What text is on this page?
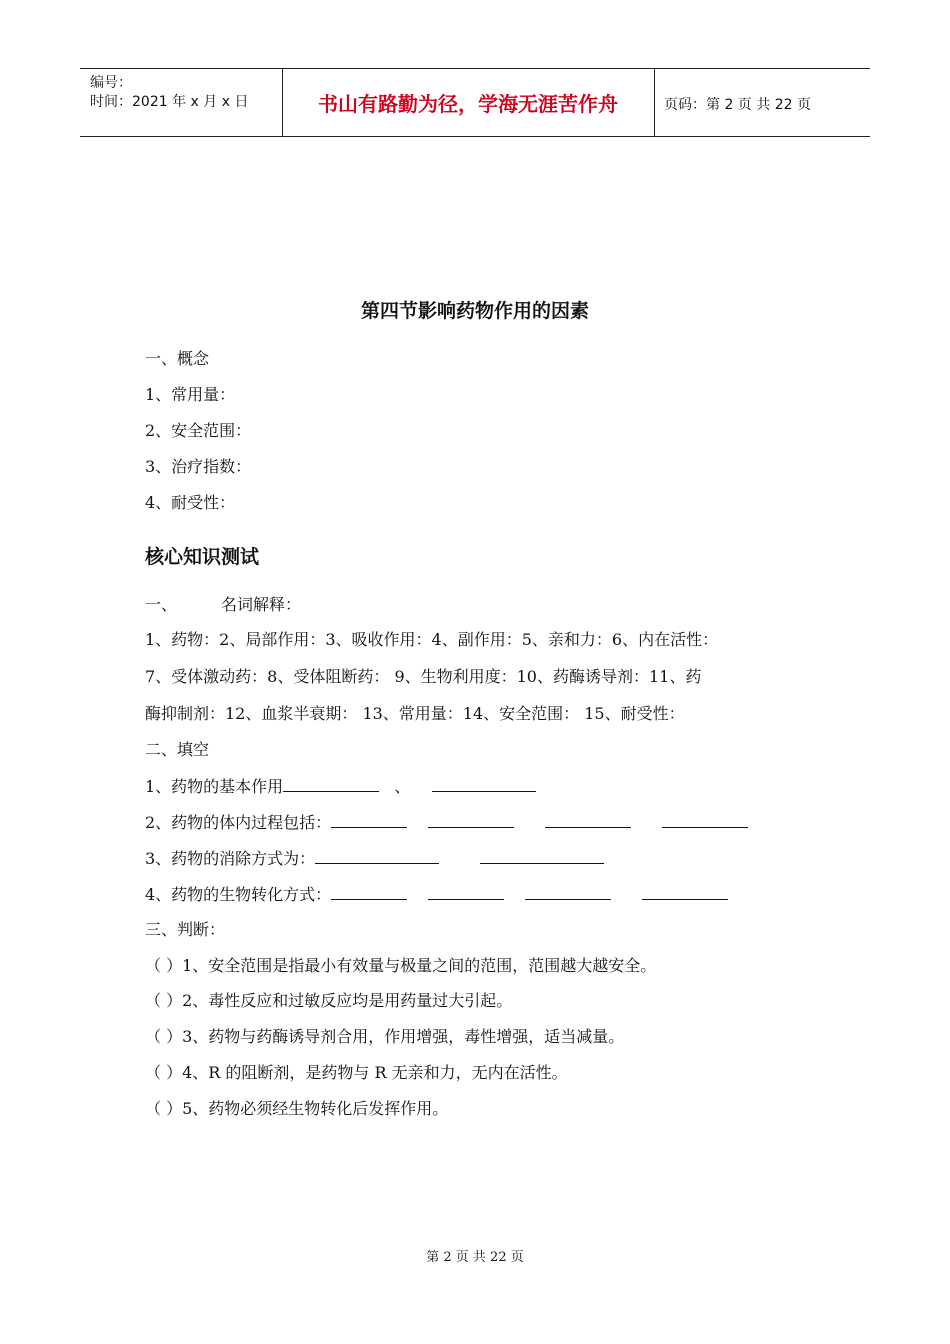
编号：
时间：2021 年 x 月 x 日	书山有路勤为径，学海无涯苦作舟	页码：第 2 页 共 22 页
第四节影响药物作用的因素
一、概念
1、常用量：
2、安全范围：
3、治疗指数：
4、耐受性：
核心知识测试
一、	名词解释：
1、药物：2、局部作用：3、吸收作用：4、副作用：5、亲和力：6、内在活性：
7、受体激动药：8、受体阻断药： 9、生物利用度：10、药酶诱导剂：11、药
酶抑制剂：12、血浆半衰期： 13、常用量：14、安全范围： 15、耐受性：
二、填空
1、药物的基本作用	、
2、药物的体内过程包括：
3、药物的消除方式为：
4、药物的生物转化方式：
三、判断：
（ ）1、安全范围是指最小有效量与极量之间的范围，范围越大越安全。
（ ）2、毒性反应和过敏反应均是用药量过大引起。
（ ）3、药物与药酶诱导剂合用，作用增强，毒性增强，适当减量。
（ ）4、R 的阻断剂，是药物与 R 无亲和力，无内在活性。
（ ）5、药物必须经生物转化后发挥作用。
第 2 页 共 22 页
